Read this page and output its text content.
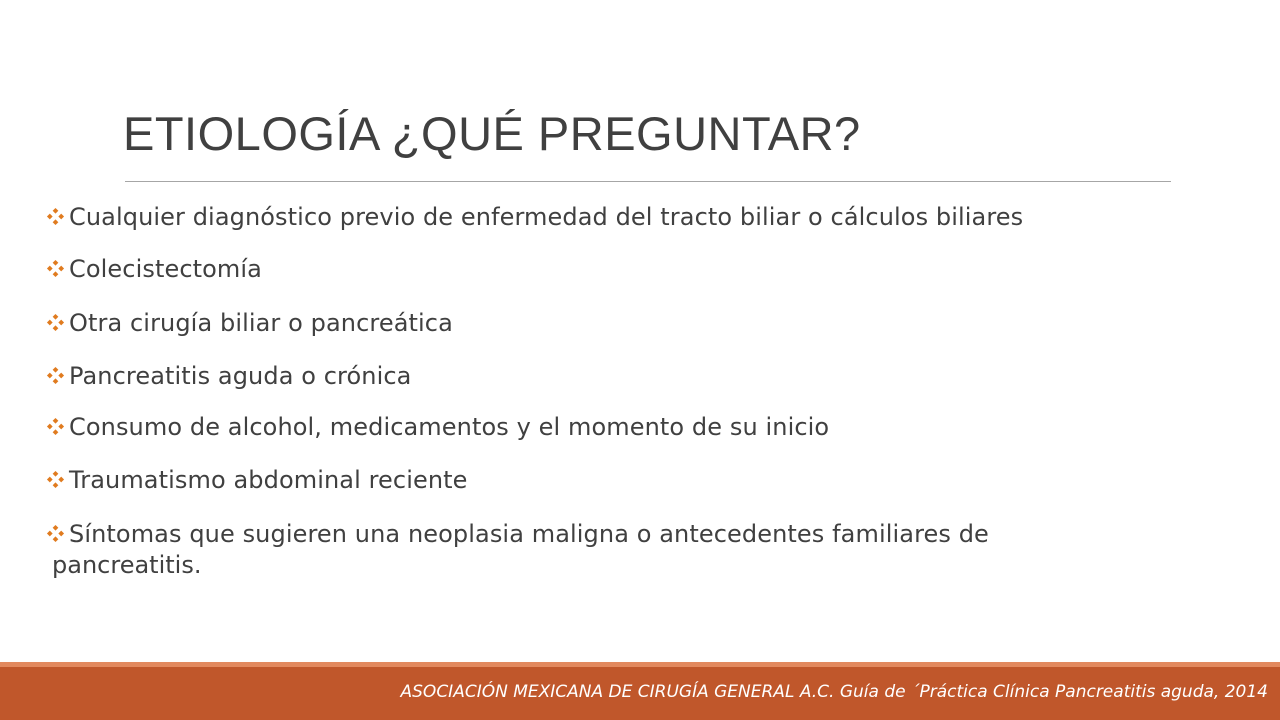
ETIOLOGÍA ¿QUÉ PREGUNTAR?
Cualquier diagnóstico previo de enfermedad del tracto biliar o cálculos biliares
Colecistectomía
Otra cirugía biliar o pancreática
Pancreatitis aguda o crónica
Consumo de alcohol, medicamentos y el momento de su inicio
Traumatismo abdominal reciente
Síntomas que sugieren una neoplasia maligna o antecedentes familiares de
pancreatitis.
ASOCIACIÓN MEXICANA DE CIRUGÍA GENERAL A.C. Guía de ´Práctica Clínica Pancreatitis aguda, 2014
